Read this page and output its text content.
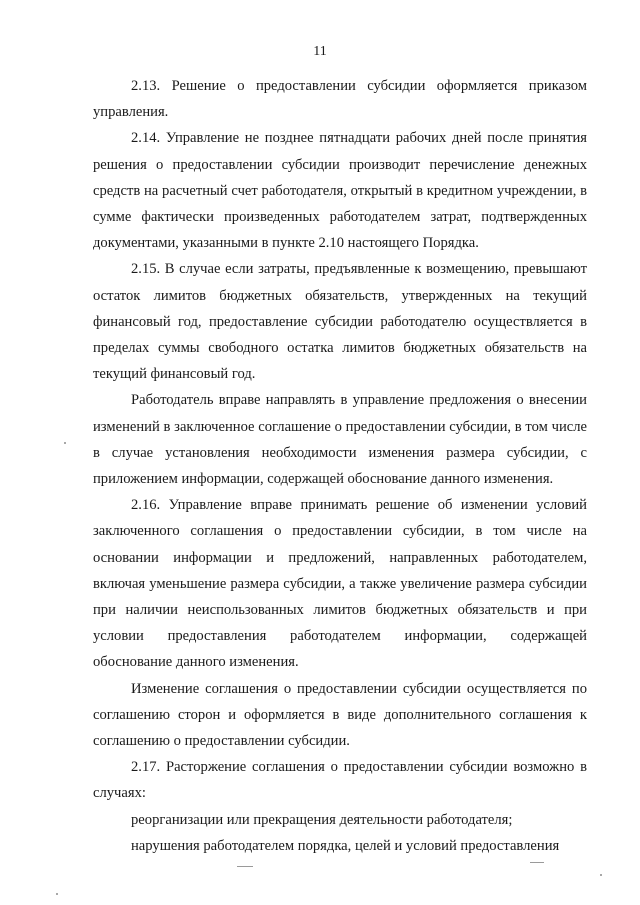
11

2.13. Решение о предоставлении субсидии оформляется приказом управления.

2.14. Управление не позднее пятнадцати рабочих дней после принятия решения о предоставлении субсидии производит перечисление денежных средств на расчетный счет работодателя, открытый в кредитном учреждении, в сумме фактически произведенных работодателем затрат, подтвержденных документами, указанными в пункте 2.10 настоящего Порядка.

2.15. В случае если затраты, предъявленные к возмещению, превышают остаток лимитов бюджетных обязательств, утвержденных на текущий финансовый год, предоставление субсидии работодателю осуществляется в пределах суммы свободного остатка лимитов бюджетных обязательств на текущий финансовый год.

Работодатель вправе направлять в управление предложения о внесении изменений в заключенное соглашение о предоставлении субсидии, в том числе в случае установления необходимости изменения размера субсидии, с приложением информации, содержащей обоснование данного изменения.

2.16. Управление вправе принимать решение об изменении условий заключенного соглашения о предоставлении субсидии, в том числе на основании информации и предложений, направленных работодателем, включая уменьшение размера субсидии, а также увеличение размера субсидии при наличии неиспользованных лимитов бюджетных обязательств и при условии предоставления работодателем информации, содержащей обоснование данного изменения.

Изменение соглашения о предоставлении субсидии осуществляется по соглашению сторон и оформляется в виде дополнительного соглашения к соглашению о предоставлении субсидии.

2.17. Расторжение соглашения о предоставлении субсидии возможно в случаях:

реорганизации или прекращения деятельности работодателя;

нарушения работодателем порядка, целей и условий предоставления
